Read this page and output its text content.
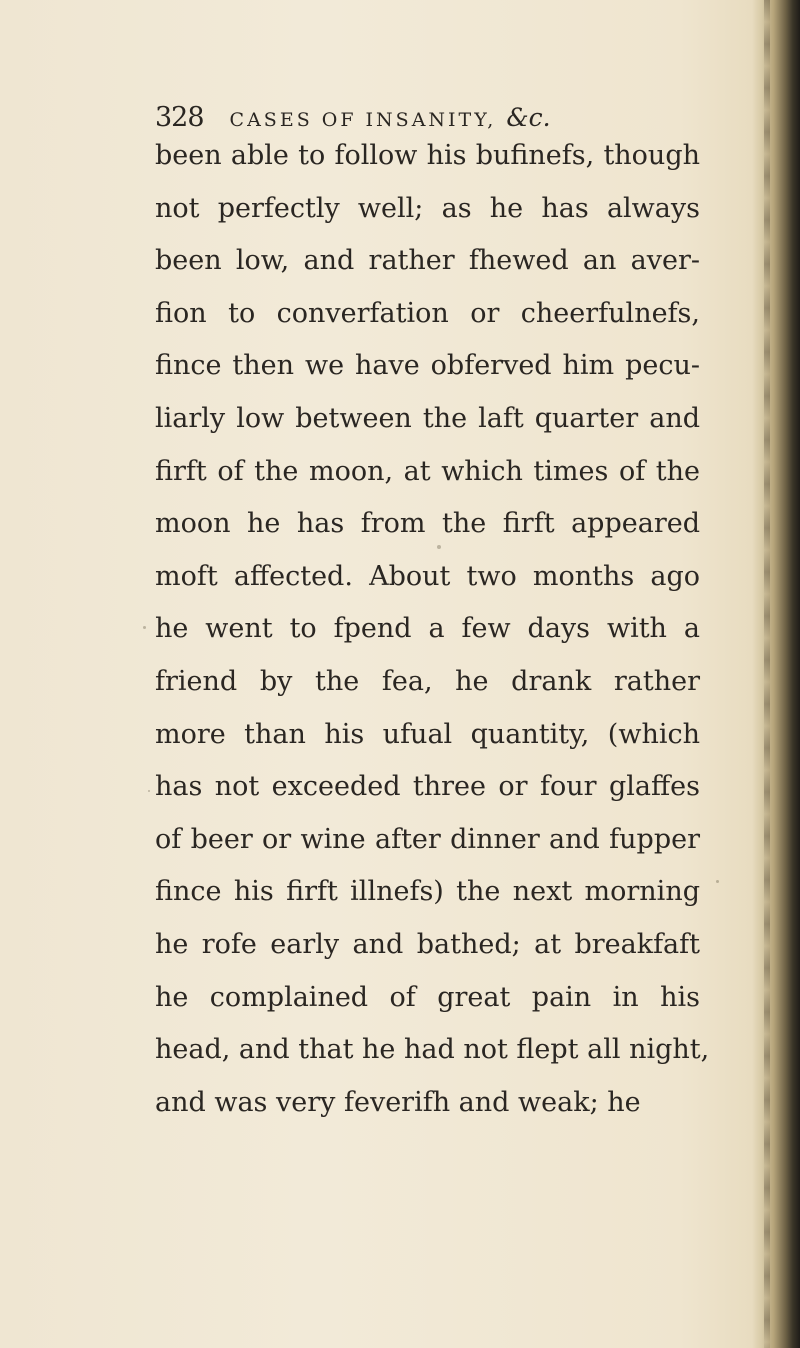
328 CASES OF INSANITY, &c.
been able to follow his bufinefs, though
not perfectly well; as he has always
been low, and rather fhewed an aver-
fion to converfation or cheerfulnefs,
fince then we have obferved him pecu-
liarly low between the laft quarter and
firft of the moon, at which times of the
moon he has from the firft appeared
moft affected. About two months ago
he went to fpend a few days with a
friend by the fea, he drank rather
more than his ufual quantity, (which
has not exceeded three or four glaffes
of beer or wine after dinner and fupper
fince his firft illnefs) the next morning
he rofe early and bathed; at breakfaft
he complained of great pain in his
head, and that he had not flept all night,
and was very feverifh and weak; he
